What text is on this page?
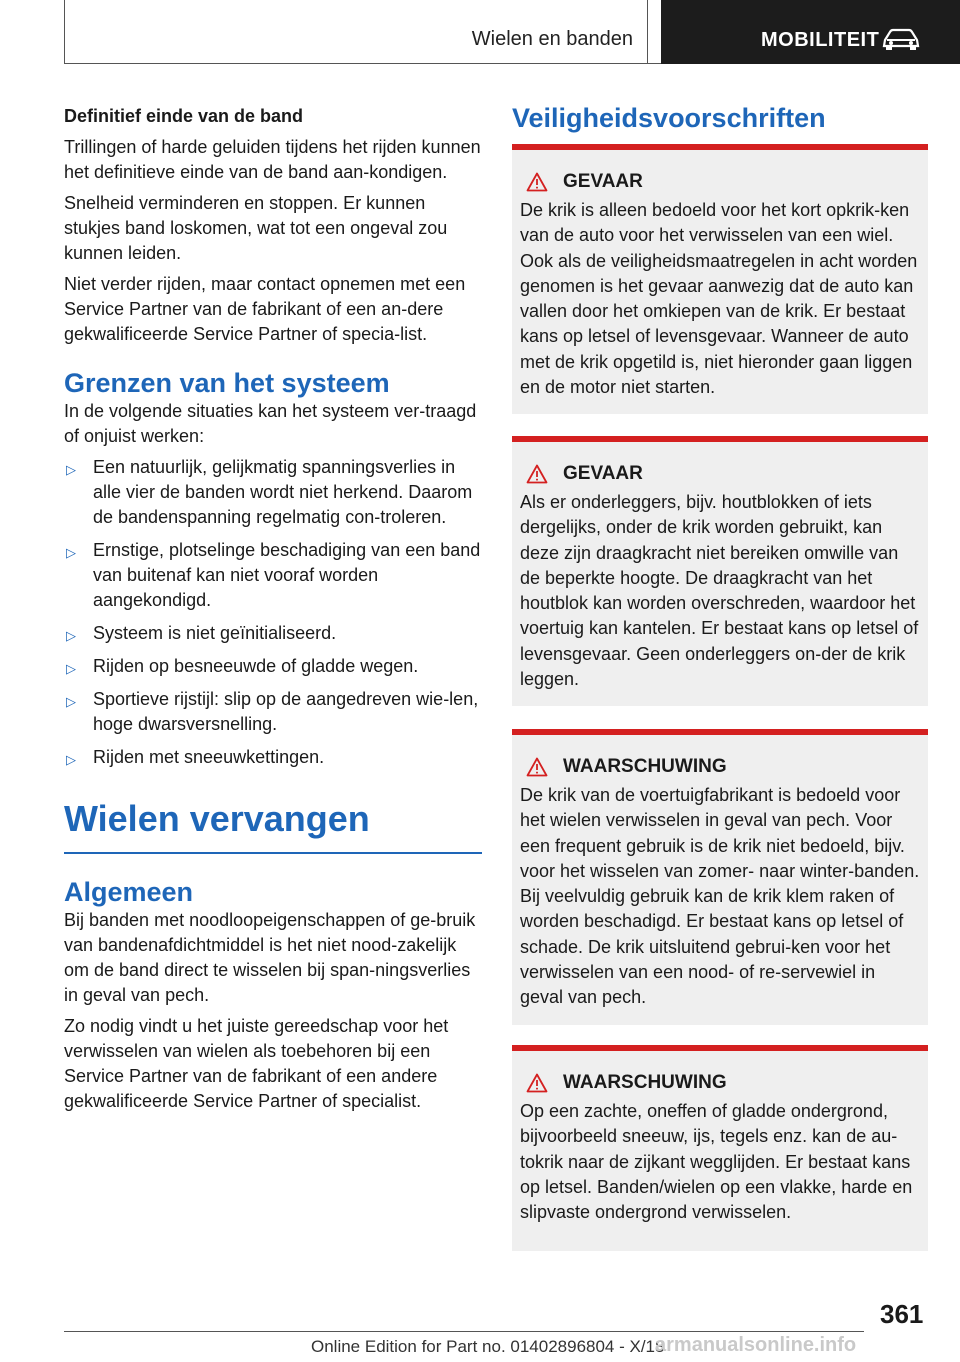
Wielen en banden	MOBILITEIT

Definitief einde van de band

Trillingen of harde geluiden tijdens het rijden kunnen het definitieve einde van de band aan-kondigen.

Snelheid verminderen en stoppen. Er kunnen stukjes band loskomen, wat tot een ongeval zou kunnen leiden.

Niet verder rijden, maar contact opnemen met een Service Partner van de fabrikant of een an-dere gekwalificeerde Service Partner of specia-list.

Grenzen van het systeem

In de volgende situaties kan het systeem ver-traagd of onjuist werken:

▷ Een natuurlijk, gelijkmatig spanningsverlies in alle vier de banden wordt niet herkend. Daarom de bandenspanning regelmatig con-troleren.
▷ Ernstige, plotselinge beschadiging van een band van buitenaf kan niet vooraf worden aangekondigd.
▷ Systeem is niet geïnitialiseerd.
▷ Rijden op besneeuwde of gladde wegen.
▷ Sportieve rijstijl: slip op de aangedreven wie-len, hoge dwarsversnelling.
▷ Rijden met sneeuwkettingen.
Wielen vervangen
Algemeen

Bij banden met noodloopeigenschappen of ge-bruik van bandenafdichtmiddel is het niet nood-zakelijk om de band direct te wisselen bij span-ningsverlies in geval van pech.

Zo nodig vindt u het juiste gereedschap voor het verwisselen van wielen als toebehoren bij een Service Partner van de fabrikant of een andere gekwalificeerde Service Partner of specialist.

Veiligheidsvoorschriften
GEVAAR

De krik is alleen bedoeld voor het kort opkrik-ken van de auto voor het verwisselen van een wiel. Ook als de veiligheidsmaatregelen in acht worden genomen is het gevaar aanwezig dat de auto kan vallen door het omkiepen van de krik. Er bestaat kans op letsel of levensgevaar. Wanneer de auto met de krik opgetild is, niet hieronder gaan liggen en de motor niet starten.

GEVAAR

Als er onderleggers, bijv. houtblokken of iets dergelijks, onder de krik worden gebruikt, kan deze zijn draagkracht niet bereiken omwille van de beperkte hoogte. De draagkracht van het houtblok kan worden overschreden, waardoor het voertuig kan kantelen. Er bestaat kans op letsel of levensgevaar. Geen onderleggers on-der de krik leggen.

WAARSCHUWING

De krik van de voertuigfabrikant is bedoeld voor het wielen verwisselen in geval van pech. Voor een frequent gebruik is de krik niet bedoeld, bijv. voor het wisselen van zomer- naar winter-banden. Bij veelvuldig gebruik kan de krik klem raken of worden beschadigd. Er bestaat kans op letsel of schade. De krik uitsluitend gebrui-ken voor het verwisselen van een nood- of re-servewiel in geval van pech.

WAARSCHUWING

Op een zachte, oneffen of gladde ondergrond, bijvoorbeeld sneeuw, ijs, tegels enz. kan de au-tokrik naar de zijkant wegglijden. Er bestaat kans op letsel. Banden/wielen op een vlakke, harde en slipvaste ondergrond verwisselen.

361
Online Edition for Part no. 01402896804 - X/18
armanualsonline.info
